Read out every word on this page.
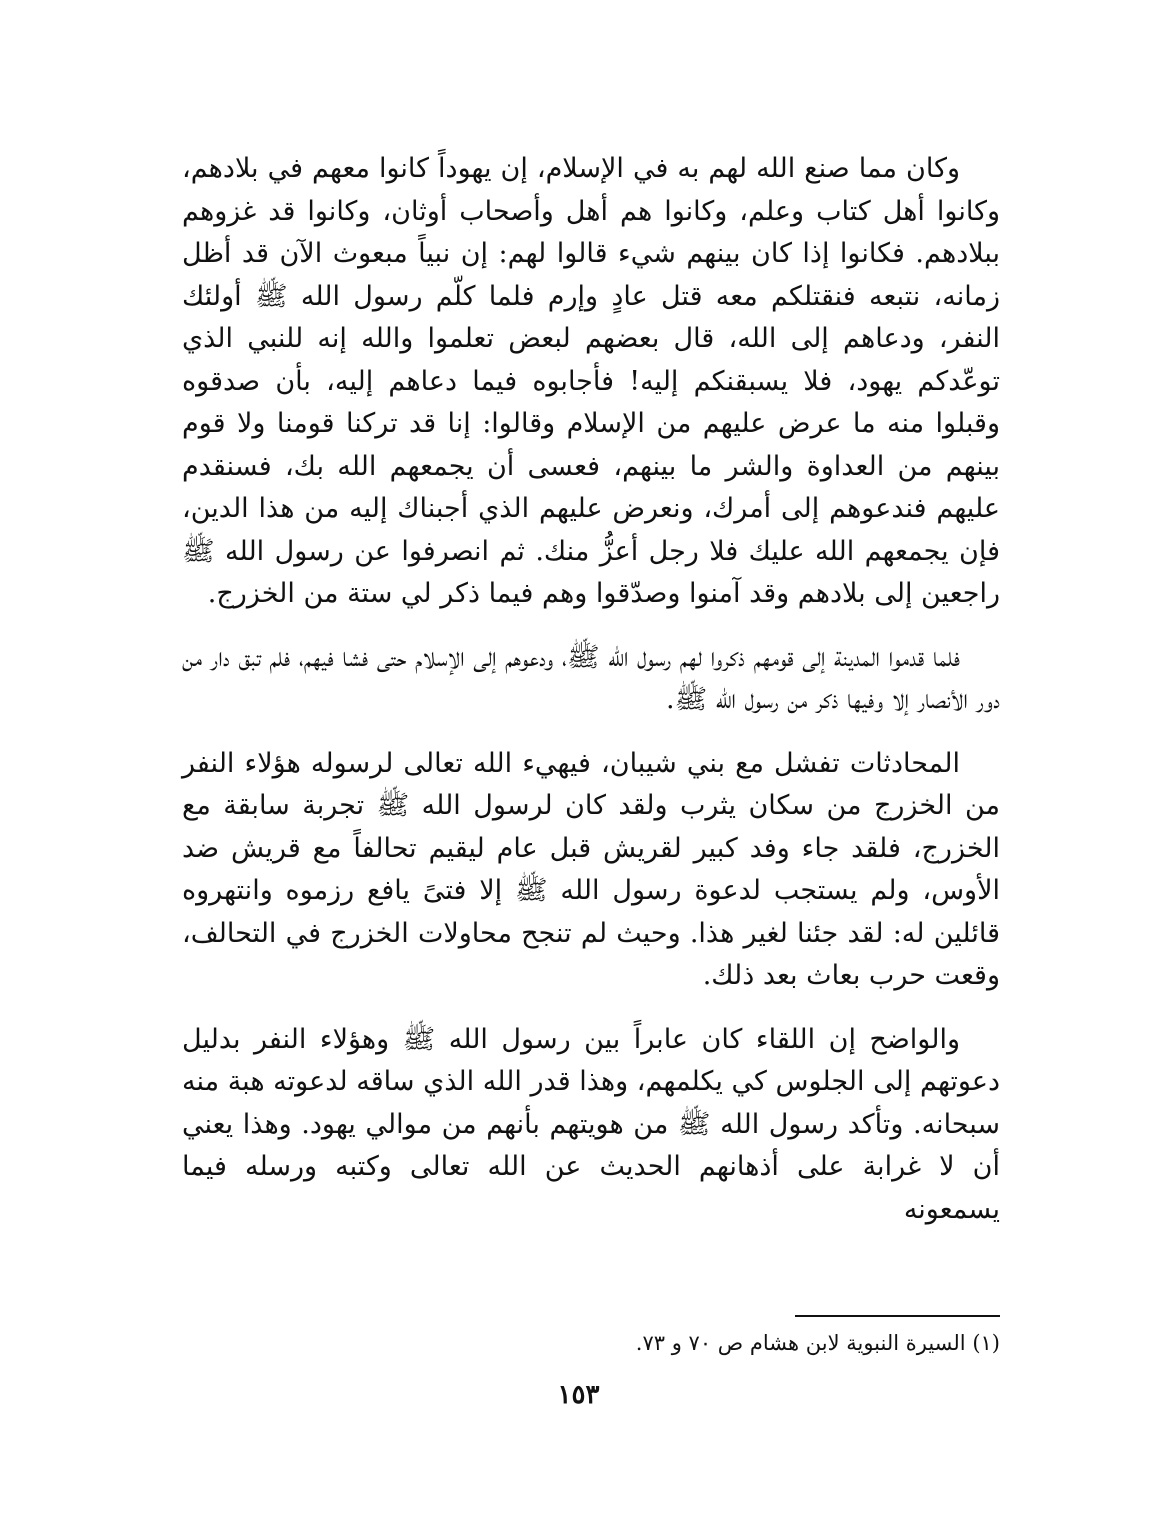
وكان مما صنع الله لهم به في الإسلام، إن يهوداً كانوا معهم في بلادهم، وكانوا أهل كتاب وعلم، وكانوا هم أهل وأصحاب أوثان، وكانوا قد غزوهم ببلادهم. فكانوا إذا كان بينهم شيء قالوا لهم: إن نبياً مبعوث الآن قد أظل زمانه، نتبعه فنقتلكم معه قتل عادٍ وإرم فلما كلّم رسول الله ﷺ أولئك النفر، ودعاهم إلى الله، قال بعضهم لبعض تعلموا والله إنه للنبي الذي توعّدكم يهود، فلا يسبقنكم إليه! فأجابوه فيما دعاهم إليه، بأن صدقوه وقبلوا منه ما عرض عليهم من الإسلام وقالوا: إنا قد تركنا قومنا ولا قوم بينهم من العداوة والشر ما بينهم، فعسى أن يجمعهم الله بك، فسنقدم عليهم فندعوهم إلى أمرك، ونعرض عليهم الذي أجبناك إليه من هذا الدين، فإن يجمعهم الله عليك فلا رجل أعزُّ منك. ثم انصرفوا عن رسول الله ﷺ راجعين إلى بلادهم وقد آمنوا وصدّقوا وهم فيما ذكر لي ستة من الخزرج.

فلما قدموا المدينة إلى قومهم ذكروا لهم رسول الله ﷺ، ودعوهم إلى الإسلام حتى فشا فيهم، فلم تبق دار من دور الأنصار إلا وفيها ذكر من رسول الله ﷺ.

المحادثات تفشل مع بني شيبان، فيهيء الله تعالى لرسوله هؤلاء النفر من الخزرج من سكان يثرب ولقد كان لرسول الله ﷺ تجربة سابقة مع الخزرج، فلقد جاء وفد كبير لقريش قبل عام ليقيم تحالفاً مع قريش ضد الأوس، ولم يستجب لدعوة رسول الله ﷺ إلا فتىً يافع رزموه وانتهروه قائلين له: لقد جئنا لغير هذا. وحيث لم تنجح محاولات الخزرج في التحالف، وقعت حرب بعاث بعد ذلك.

والواضح إن اللقاء كان عابراً بين رسول الله ﷺ وهؤلاء النفر بدليل دعوتهم إلى الجلوس كي يكلمهم، وهذا قدر الله الذي ساقه لدعوته هبة منه سبحانه. وتأكد رسول الله ﷺ من هويتهم بأنهم من موالي يهود. وهذا يعني أن لا غرابة على أذهانهم الحديث عن الله تعالى وكتبه ورسله فيما يسمعونه

(١) السيرة النبوية لابن هشام ص ٧٠ و ٧٣.
١٥٣
